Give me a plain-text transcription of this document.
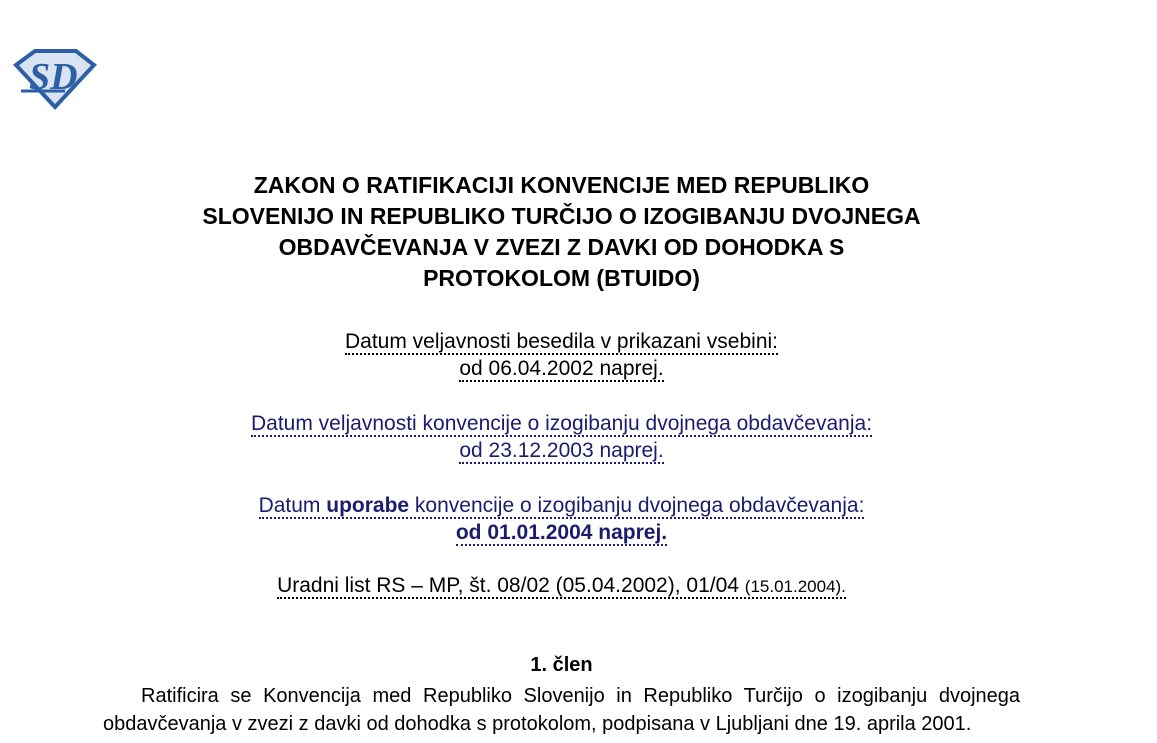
SD
ZAKON O RATIFIKACIJI KONVENCIJE MED REPUBLIKO
SLOVENIJO IN REPUBLIKO TURČIJO O IZOGIBANJU DVOJNEGA
OBDAVČEVANJA V ZVEZI Z DAVKI OD DOHODKA S
PROTOKOLOM (BTUIDO)
Datum veljavnosti besedila v prikazani vsebini:
od 06.04.2002 naprej.
Datum veljavnosti konvencije o izogibanju dvojnega obdavčevanja:
od 23.12.2003 naprej.
Datum uporabe konvencije o izogibanju dvojnega obdavčevanja:
od 01.01.2004 naprej.
Uradni list RS – MP, št. 08/02 (05.04.2002), 01/04 (15.01.2004).
1. člen
Ratificira se Konvencija med Republiko Slovenijo in Republiko Turčijo o izogibanju dvojnega obdavčevanja v zvezi z davki od dohodka s protokolom, podpisana v Ljubljani dne 19. aprila 2001.
